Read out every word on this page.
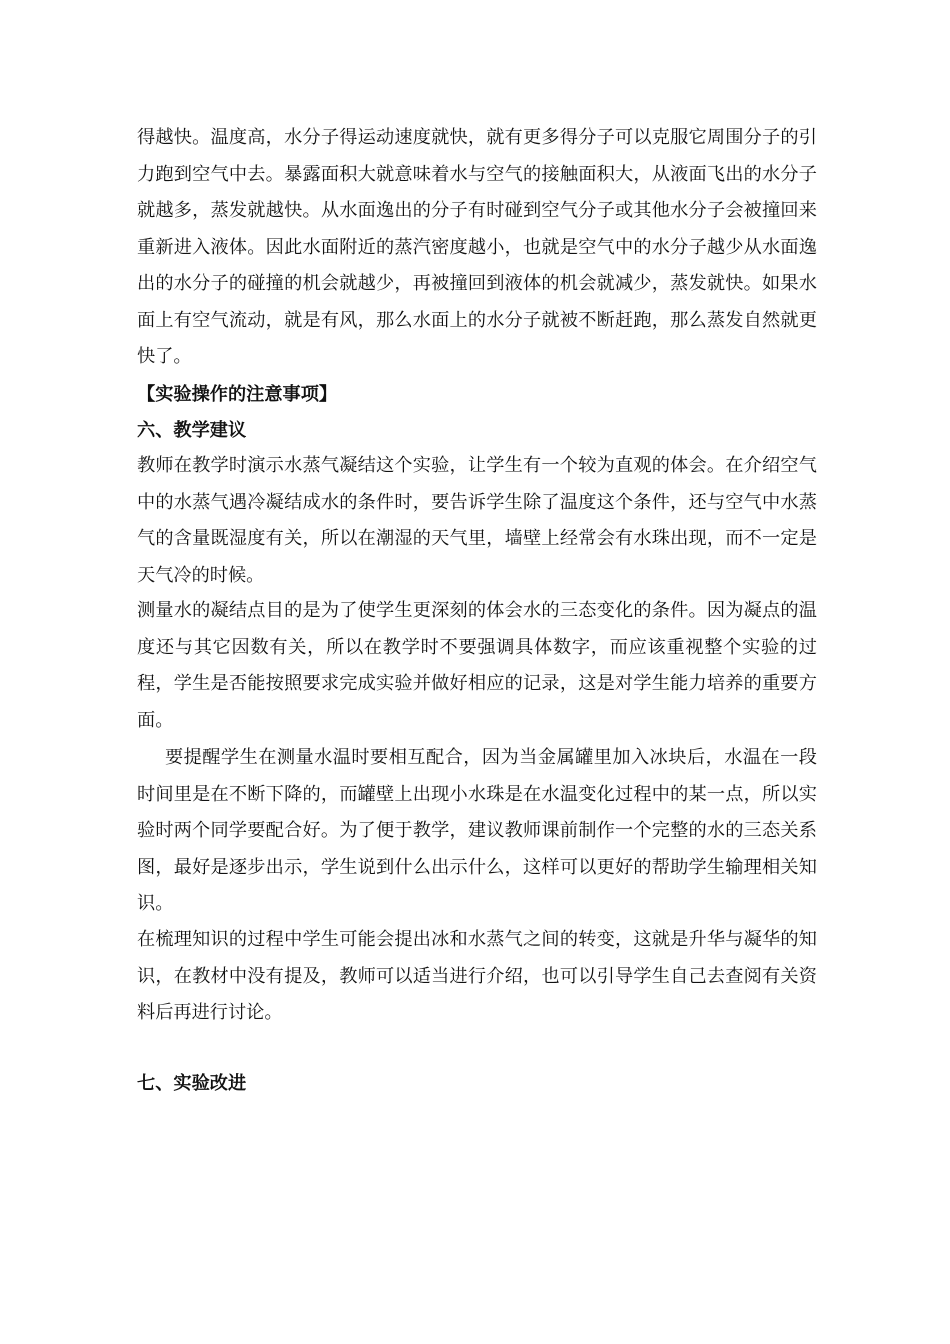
得越快。温度高，水分子得运动速度就快，就有更多得分子可以克服它周围分子的引力跑到空气中去。暴露面积大就意味着水与空气的接触面积大，从液面飞出的水分子就越多，蒸发就越快。从水面逸出的分子有时碰到空气分子或其他水分子会被撞回来重新进入液体。因此水面附近的蒸汽密度越小，也就是空气中的水分子越少从水面逸出的水分子的碰撞的机会就越少，再被撞回到液体的机会就减少，蒸发就快。如果水面上有空气流动，就是有风，那么水面上的水分子就被不断赶跑，那么蒸发自然就更快了。

【实验操作的注意事项】

六、教学建议

教师在教学时演示水蒸气凝结这个实验，让学生有一个较为直观的体会。在介绍空气中的水蒸气遇冷凝结成水的条件时，要告诉学生除了温度这个条件，还与空气中水蒸气的含量既湿度有关，所以在潮湿的天气里，墙壁上经常会有水珠出现，而不一定是天气冷的时候。

测量水的凝结点目的是为了使学生更深刻的体会水的三态变化的条件。因为凝点的温度还与其它因数有关，所以在教学时不要强调具体数字，而应该重视整个实验的过程，学生是否能按照要求完成实验并做好相应的记录，这是对学生能力培养的重要方面。

要提醒学生在测量水温时要相互配合，因为当金属罐里加入冰块后，水温在一段时间里是在不断下降的，而罐壁上出现小水珠是在水温变化过程中的某一点，所以实验时两个同学要配合好。为了便于教学，建议教师课前制作一个完整的水的三态关系图，最好是逐步出示，学生说到什么出示什么，这样可以更好的帮助学生输理相关知识。

在梳理知识的过程中学生可能会提出冰和水蒸气之间的转变，这就是升华与凝华的知识，在教材中没有提及，教师可以适当进行介绍，也可以引导学生自己去查阅有关资料后再进行讨论。

七、实验改进
